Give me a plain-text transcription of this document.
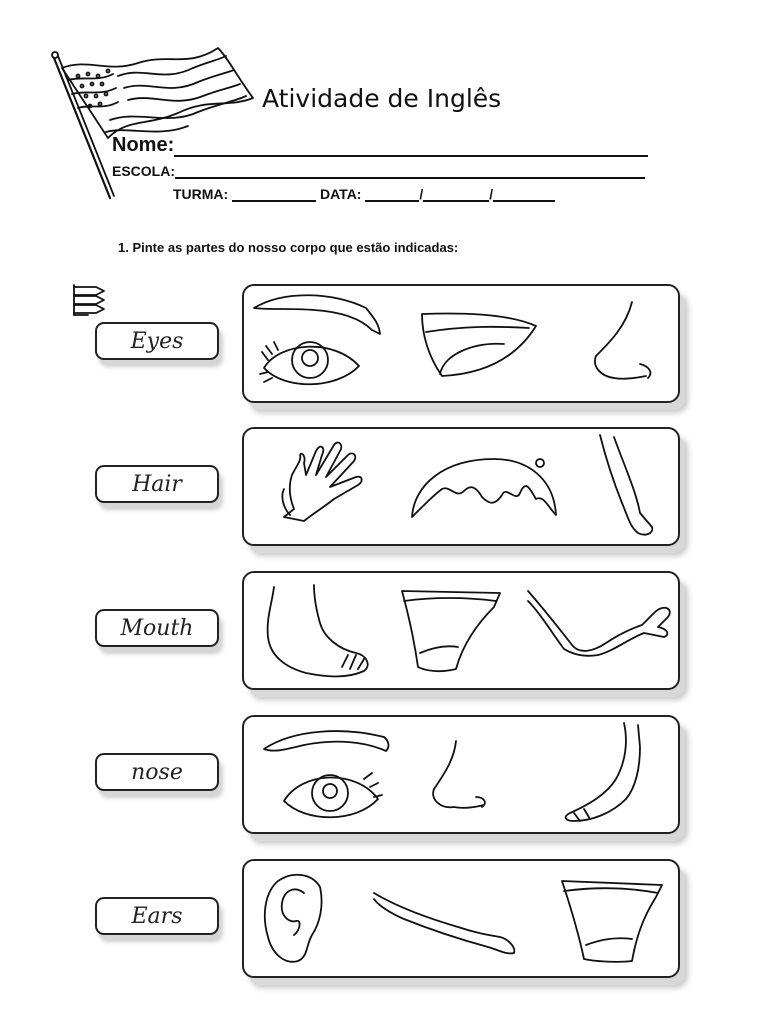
Atividade de Inglês
Nome:
ESCOLA:
TURMA:	DATA:	/	/
1. Pinte as partes do nosso corpo que estão indicadas:
Eyes
Hair
Mouth
nose
Ears
